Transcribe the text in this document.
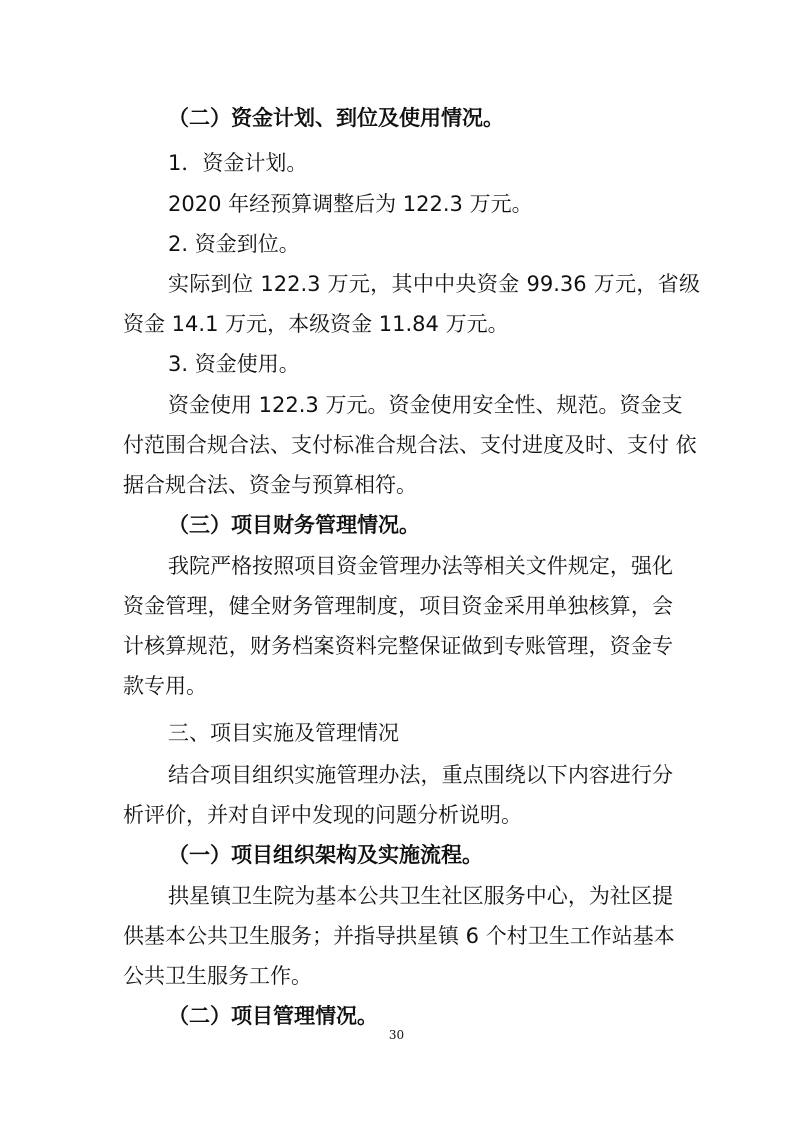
（二）资金计划、到位及使用情况。
1．资金计划。
2020 年经预算调整后为 122.3 万元。
2. 资金到位。
实际到位 122.3 万元，其中中央资金 99.36 万元，省级
资金 14.1 万元，本级资金 11.84 万元。
3. 资金使用。
资金使用 122.3 万元。资金使用安全性、规范。资金支
付范围合规合法、支付标准合规合法、支付进度及时、支付 依
据合规合法、资金与预算相符。
（三）项目财务管理情况。
我院严格按照项目资金管理办法等相关文件规定，强化
资金管理，健全财务管理制度，项目资金采用单独核算，会
计核算规范，财务档案资料完整保证做到专账管理，资金专
款专用。
三、项目实施及管理情况
结合项目组织实施管理办法，重点围绕以下内容进行分
析评价，并对自评中发现的问题分析说明。
（一）项目组织架构及实施流程。
拱星镇卫生院为基本公共卫生社区服务中心，为社区提
供基本公共卫生服务；并指导拱星镇 6 个村卫生工作站基本
公共卫生服务工作。
（二）项目管理情况。
30
